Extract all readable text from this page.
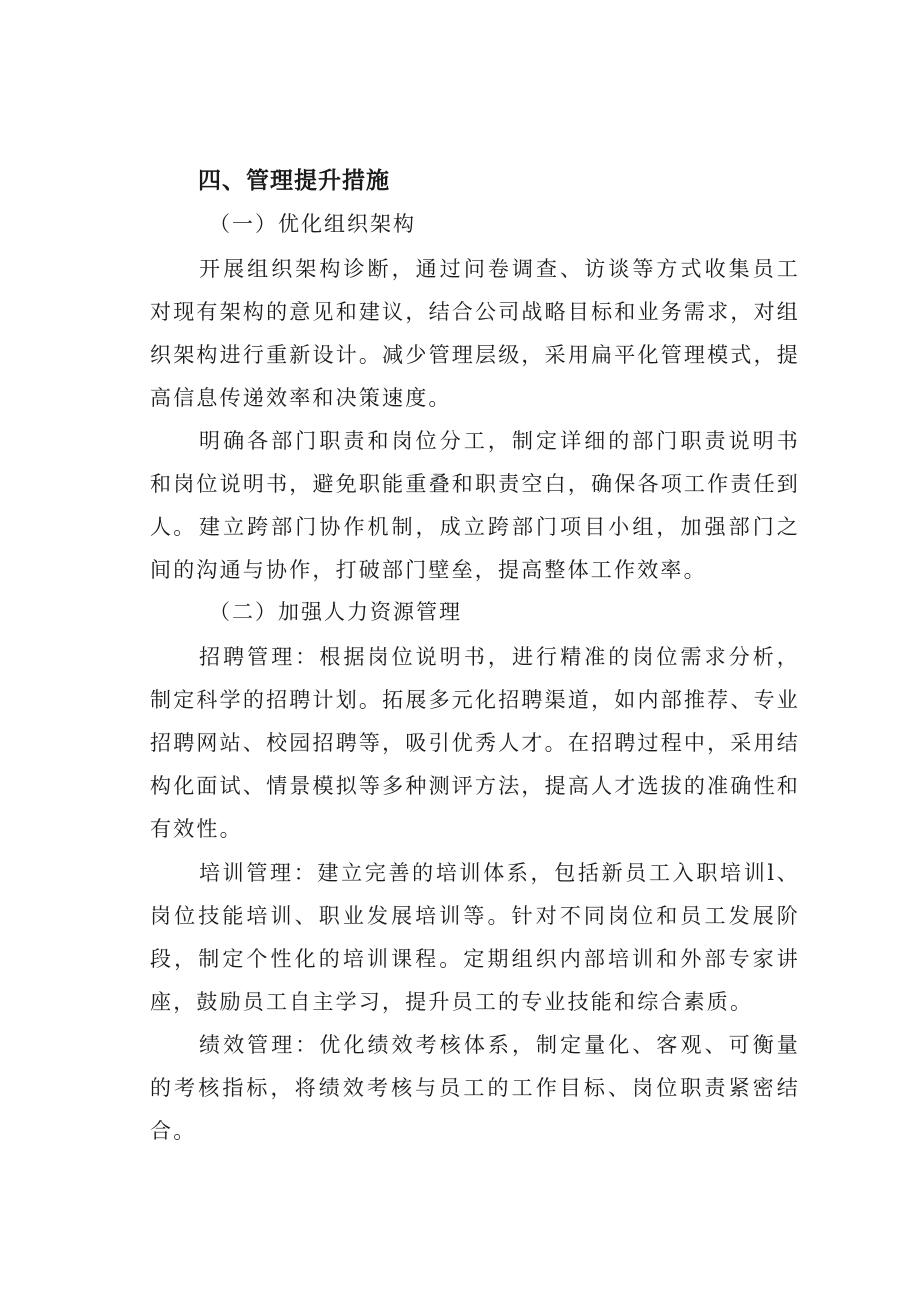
四、管理提升措施
（一）优化组织架构
开展组织架构诊断，通过问卷调查、访谈等方式收集员工对现有架构的意见和建议，结合公司战略目标和业务需求，对组织架构进行重新设计。减少管理层级，采用扁平化管理模式，提高信息传递效率和决策速度。
明确各部门职责和岗位分工，制定详细的部门职责说明书和岗位说明书，避免职能重叠和职责空白，确保各项工作责任到人。 建立跨部门协作机制，成立跨部门项目小组，加强部门之间的沟通与协作，打破部门壁垒，提高整体工作效率。
（二）加强人力资源管理
招聘管理：根据岗位说明书，进行精准的岗位需求分析，制定科学的招聘计划。拓展多元化招聘渠道，如内部推荐、专业招聘网站、校园招聘等，吸引优秀人才。在招聘过程中，采用结构化面试、情景模拟等多种测评方法，提高人才选拔的准确性和有效性。
培训管理：建立完善的培训体系，包括新员工入职培训l、岗位技能培训、职业发展培训等。针对不同岗位和员工发展阶段，制定个性化的培训课程。定期组织内部培训和外部专家讲座，鼓励员工自主学习，提升员工的专业技能和综合素质。
绩效管理：优化绩效考核体系，制定量化、客观、可衡量的考核指标，将绩效考核与员工的工作目标、岗位职责紧密结合。
